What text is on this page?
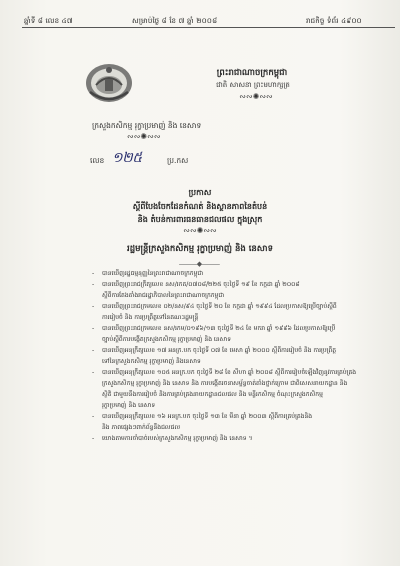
ឆ្នាំទី ៨ លេខ ៤៧	សម្រាប់ថ្ងៃ ៨ ខែ ៧ ឆ្នាំ ២០០៨	រាជកិច្ច ទំព័រ ៤៩០០
ព្រះរាជាណាចក្រកម្ពុជា
ជាតិ សាសនា ព្រះមហាក្សត្រ
∾∾✺∾∾
ក្រសួងកសិកម្ម រុក្ខាប្រមាញ់ និង នេសាទ
∾∾✺∾∾
លេខ ១២៥	ប្រ.កស
ប្រកាស
ស្តីពីបែងចែកដែនកំណត់ និងស្ថានភាពនៃតំបន់
និង តំបន់ការពារធនធានជលផល ក្នុងស្រុក
∾∾✺∾∾
រដ្ឋមន្ត្រីក្រសួងកសិកម្ម រុក្ខាប្រមាញ់ និង នេសាទ
———◆———
- បានឃើញរដ្ឋធម្មនុញ្ញនៃព្រះរាជាណាចក្រកម្ពុជា
- បានឃើញព្រះរាជក្រឹត្យលេខ នស/រកត/០៧០៨/២២៥ ចុះថ្ងៃទី ១៩ ខែ កក្កដា ឆ្នាំ ២០០៨
ស្តីពីការតែងតាំងរាជរដ្ឋាភិបាលនៃព្រះរាជាណាចក្រកម្ពុជា
- បានឃើញព្រះរាជក្រមលេខ ០២/នស/៩៤ ចុះថ្ងៃទី ២០ ខែ កក្កដា ឆ្នាំ ១៩៩៤ ដែលប្រកាសឱ្យប្រើច្បាប់ស្តីពី
ការរៀបចំ និង ការប្រព្រឹត្តទៅនៃគណៈរដ្ឋមន្ត្រី
- បានឃើញព្រះរាជក្រមលេខ នស/រកម/០១៩៦/១៣ ចុះថ្ងៃទី ២៤ ខែ មករា ឆ្នាំ ១៩៩៦ ដែលប្រកាសឱ្យប្រើ
ច្បាប់ស្តីពីការបង្កើតក្រសួងកសិកម្ម រុក្ខាប្រមាញ់ និង នេសាទ
- បានឃើញអនុក្រឹត្យលេខ ១៧ អនក្រ.បក ចុះថ្ងៃទី ០៧ ខែ មេសា ឆ្នាំ ២០០០ ស្តីពីការរៀបចំ និង ការប្រព្រឹត្ត
ទៅនៃក្រសួងកសិកម្ម រុក្ខាប្រមាញ់ និងនេសាទ
- បានឃើញអនុក្រឹត្យលេខ ១០៥ អនក្រ.បក ចុះថ្ងៃទី ២៨ ខែ សីហា ឆ្នាំ ២០០៨ ស្តីពីការរៀបចំឡើងវិញនូវការគ្រប់គ្រង
ក្រសួងកសិកម្ម រុក្ខាប្រមាញ់ និង នេសាទ និង ការបង្កើតរចនាសម្ព័ន្ធចាត់តាំងថ្នាក់ក្រោម ជាពិសេសនាយកដ្ឋាន និង
ស្ថិតិ ជាមួយនឹងការរៀបចំ និងការគ្រប់គ្រងនាយកដ្ឋានជលផល និង មន្ទីរកសិកម្ម ចំណុះក្រសួងកសិកម្ម
រុក្ខាប្រមាញ់ និង នេសាទ
- បានឃើញអនុក្រឹត្យលេខ ១៦ អនក្រ.បក ចុះថ្ងៃទី ១៣ ខែ មីនា ឆ្នាំ ២០០៣ ស្តីពីការគ្រប់គ្រងនិង
និង ភាពផ្សេងៗពាក់ព័ន្ធនឹងជលផល
- យោងតាមការចាំបាច់របស់ក្រសួងកសិកម្ម រុក្ខាប្រមាញ់ និង នេសាទ ។
